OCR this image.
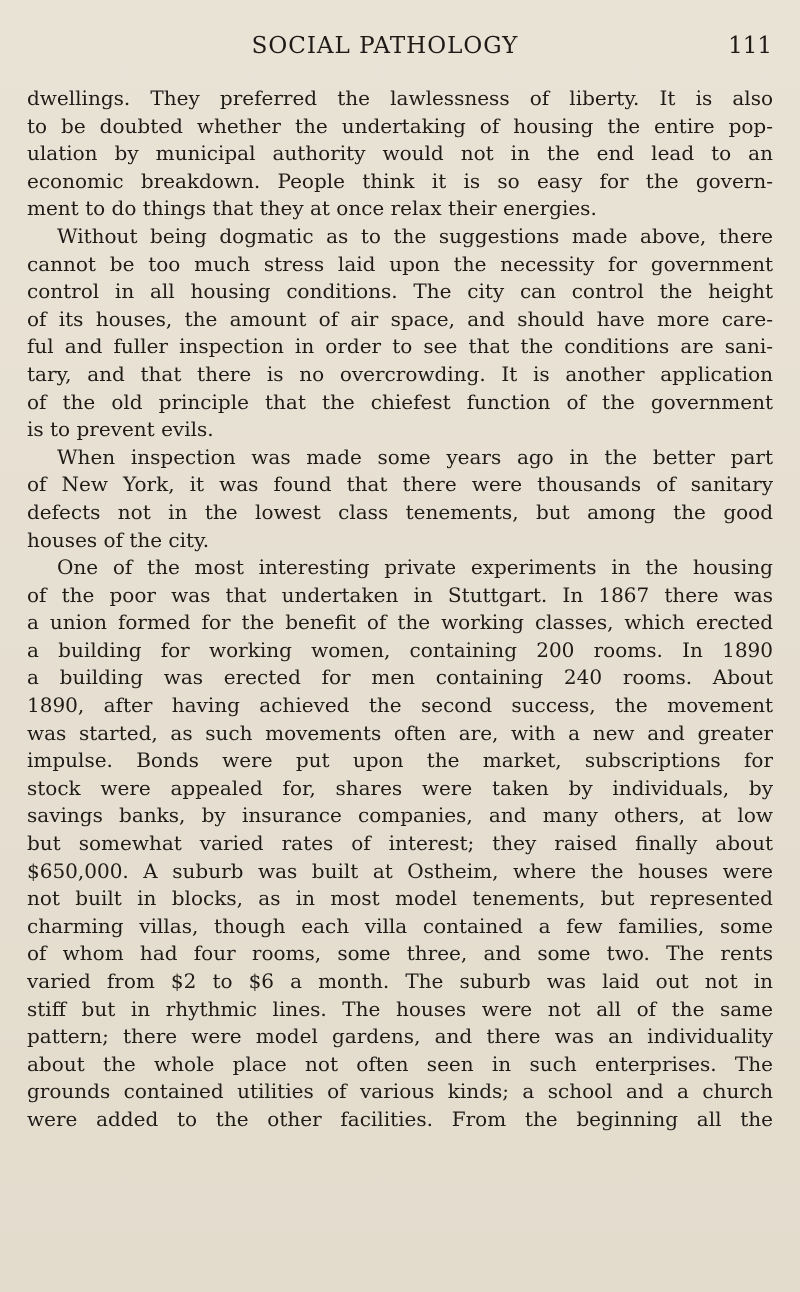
SOCIAL PATHOLOGY	111
dwellings. They preferred the lawlessness of liberty. It is also
to be doubted whether the undertaking of housing the entire pop-
ulation by municipal authority would not in the end lead to an
economic breakdown. People think it is so easy for the govern-
ment to do things that they at once relax their energies.
Without being dogmatic as to the suggestions made above, there
cannot be too much stress laid upon the necessity for government
control in all housing conditions. The city can control the height
of its houses, the amount of air space, and should have more care-
ful and fuller inspection in order to see that the conditions are sani-
tary, and that there is no overcrowding. It is another application
of the old principle that the chiefest function of the government
is to prevent evils.
When inspection was made some years ago in the better part
of New York, it was found that there were thousands of sanitary
defects not in the lowest class tenements, but among the good
houses of the city.
One of the most interesting private experiments in the housing
of the poor was that undertaken in Stuttgart. In 1867 there was
a union formed for the benefit of the working classes, which erected
a building for working women, containing 200 rooms. In 1890
a building was erected for men containing 240 rooms. About
1890, after having achieved the second success, the movement
was started, as such movements often are, with a new and greater
impulse. Bonds were put upon the market, subscriptions for
stock were appealed for, shares were taken by individuals, by
savings banks, by insurance companies, and many others, at low
but somewhat varied rates of interest; they raised finally about
$650,000. A suburb was built at Ostheim, where the houses were
not built in blocks, as in most model tenements, but represented
charming villas, though each villa contained a few families, some
of whom had four rooms, some three, and some two. The rents
varied from $2 to $6 a month. The suburb was laid out not in
stiff but in rhythmic lines. The houses were not all of the same
pattern; there were model gardens, and there was an individuality
about the whole place not often seen in such enterprises. The
grounds contained utilities of various kinds; a school and a church
were added to the other facilities. From the beginning all the
